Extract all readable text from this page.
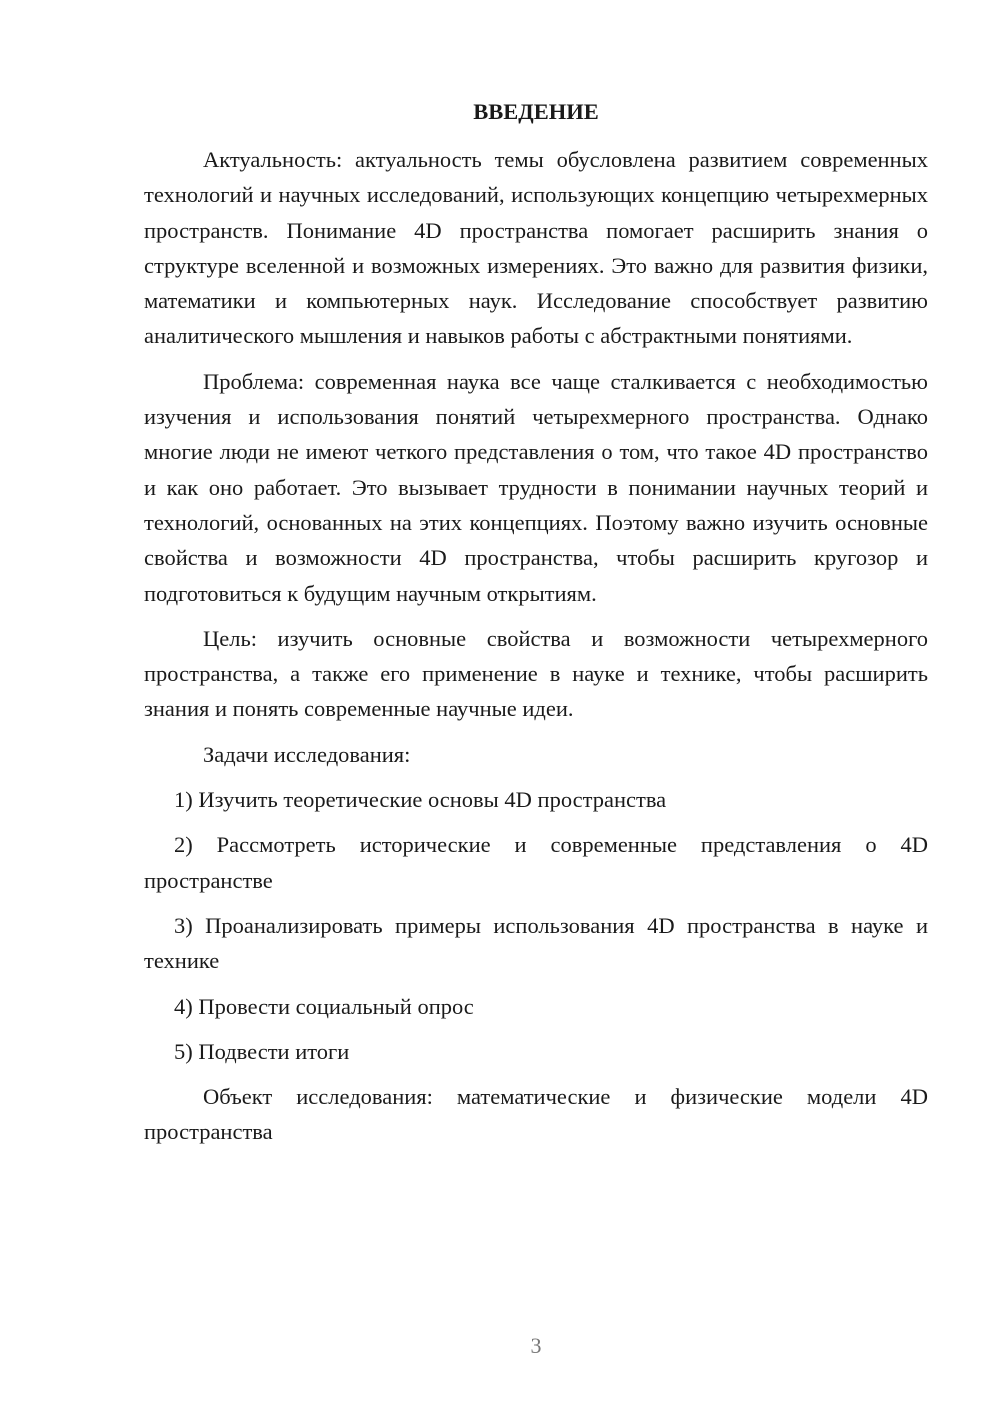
ВВЕДЕНИЕ

Актуальность: актуальность темы обусловлена развитием современных технологий и научных исследований, использующих концепцию четырехмерных пространств. Понимание 4D пространства помогает расширить знания о структуре вселенной и возможных измерениях. Это важно для развития физики, математики и компьютерных наук. Исследование способствует развитию аналитического мышления и навыков работы с абстрактными понятиями.

Проблема: современная наука все чаще сталкивается с необходимостью изучения и использования понятий четырехмерного пространства. Однако многие люди не имеют четкого представления о том, что такое 4D пространство и как оно работает. Это вызывает трудности в понимании научных теорий и технологий, основанных на этих концепциях. Поэтому важно изучить основные свойства и возможности 4D пространства, чтобы расширить кругозор и подготовиться к будущим научным открытиям.

Цель: изучить основные свойства и возможности четырехмерного пространства, а также его применение в науке и технике, чтобы расширить знания и понять современные научные идеи.

Задачи исследования:

1) Изучить теоретические основы 4D пространства

2) Рассмотреть исторические и современные представления о 4D пространстве

3) Проанализировать примеры использования 4D пространства в науке и технике

4) Провести социальный опрос

5) Подвести итоги

Объект исследования: математические и физические модели 4D пространства

3
